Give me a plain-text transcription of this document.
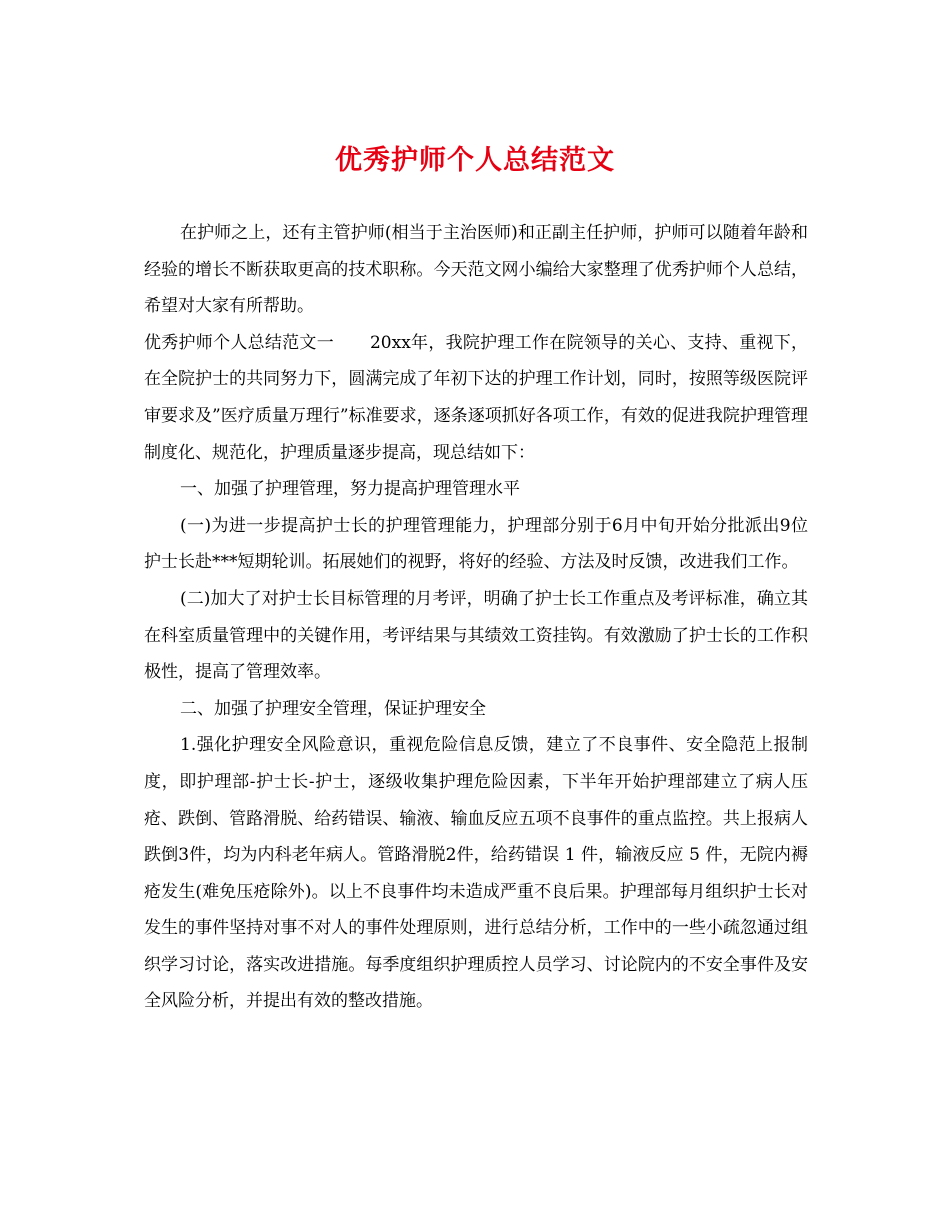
优秀护师个人总结范文

在护师之上，还有主管护师(相当于主治医师)和正副主任护师，护师可以随着年龄和经验的增长不断获取更高的技术职称。今天范文网小编给大家整理了优秀护师个人总结，希望对大家有所帮助。

优秀护师个人总结范文一 20xx年，我院护理工作在院领导的关心、支持、重视下，在全院护士的共同努力下，圆满完成了年初下达的护理工作计划，同时，按照等级医院评审要求及”医疗质量万理行”标准要求，逐条逐项抓好各项工作，有效的促进我院护理管理制度化、规范化，护理质量逐步提高，现总结如下：

一、加强了护理管理，努力提高护理管理水平

(一)为进一步提高护士长的护理管理能力，护理部分别于6月中旬开始分批派出9位护士长赴***短期轮训。拓展她们的视野，将好的经验、方法及时反馈，改进我们工作。

(二)加大了对护士长目标管理的月考评，明确了护士长工作重点及考评标准，确立其在科室质量管理中的关键作用，考评结果与其绩效工资挂钩。有效激励了护士长的工作积极性，提高了管理效率。

二、加强了护理安全管理，保证护理安全

1.强化护理安全风险意识，重视危险信息反馈，建立了不良事件、安全隐范上报制度，即护理部-护士长-护士，逐级收集护理危险因素，下半年开始护理部建立了病人压疮、跌倒、管路滑脱、给药错误、输液、输血反应五项不良事件的重点监控。共上报病人跌倒3件，均为内科老年病人。管路滑脱2件，给药错误 1 件，输液反应 5 件，无院内褥疮发生(难免压疮除外)。以上不良事件均未造成严重不良后果。护理部每月组织护士长对发生的事件坚持对事不对人的事件处理原则，进行总结分析，工作中的一些小疏忽通过组织学习讨论，落实改进措施。每季度组织护理质控人员学习、讨论院内的不安全事件及安全风险分析，并提出有效的整改措施。
